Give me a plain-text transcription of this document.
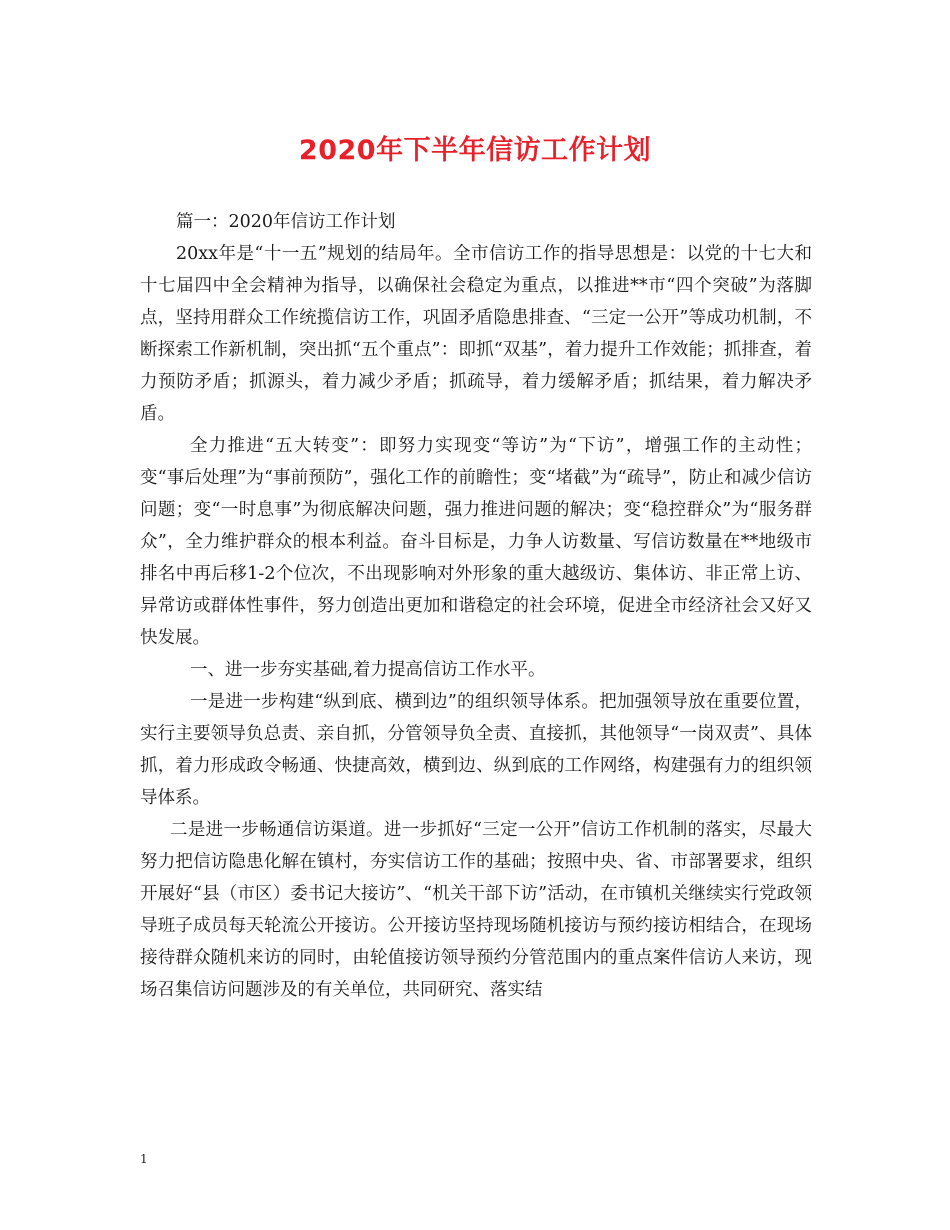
2020年下半年信访工作计划

篇一：2020年信访工作计划

20xx年是“十一五”规划的结局年。全市信访工作的指导思想是：以党的十七大和十七届四中全会精神为指导，以确保社会稳定为重点，以推进**市“四个突破”为落脚点，坚持用群众工作统揽信访工作，巩固矛盾隐患排查、“三定一公开”等成功机制，不断探索工作新机制，突出抓“五个重点”：即抓“双基”，着力提升工作效能；抓排查，着力预防矛盾；抓源头，着力减少矛盾；抓疏导，着力缓解矛盾；抓结果，着力解决矛盾。

全力推进“五大转变”：即努力实现变“等访”为“下访”，增强工作的主动性；变“事后处理”为“事前预防”，强化工作的前瞻性；变“堵截”为“疏导”，防止和减少信访问题；变“一时息事”为彻底解决问题，强力推进问题的解决；变“稳控群众”为“服务群众”，全力维护群众的根本利益。奋斗目标是，力争人访数量、写信访数量在**地级市排名中再后移1-2个位次，不出现影响对外形象的重大越级访、集体访、非正常上访、异常访或群体性事件，努力创造出更加和谐稳定的社会环境，促进全市经济社会又好又快发展。

一、进一步夯实基础,着力提高信访工作水平。

一是进一步构建“纵到底、横到边”的组织领导体系。把加强领导放在重要位置，实行主要领导负总责、亲自抓，分管领导负全责、直接抓，其他领导“一岗双责”、具体抓，着力形成政令畅通、快捷高效，横到边、纵到底的工作网络，构建强有力的组织领导体系。

二是进一步畅通信访渠道。进一步抓好“三定一公开”信访工作机制的落实，尽最大努力把信访隐患化解在镇村，夯实信访工作的基础；按照中央、省、市部署要求，组织开展好“县（市区）委书记大接访”、“机关干部下访”活动，在市镇机关继续实行党政领导班子成员每天轮流公开接访。公开接访坚持现场随机接访与预约接访相结合，在现场接待群众随机来访的同时，由轮值接访领导预约分管范围内的重点案件信访人来访，现场召集信访问题涉及的有关单位，共同研究、落实结

1
